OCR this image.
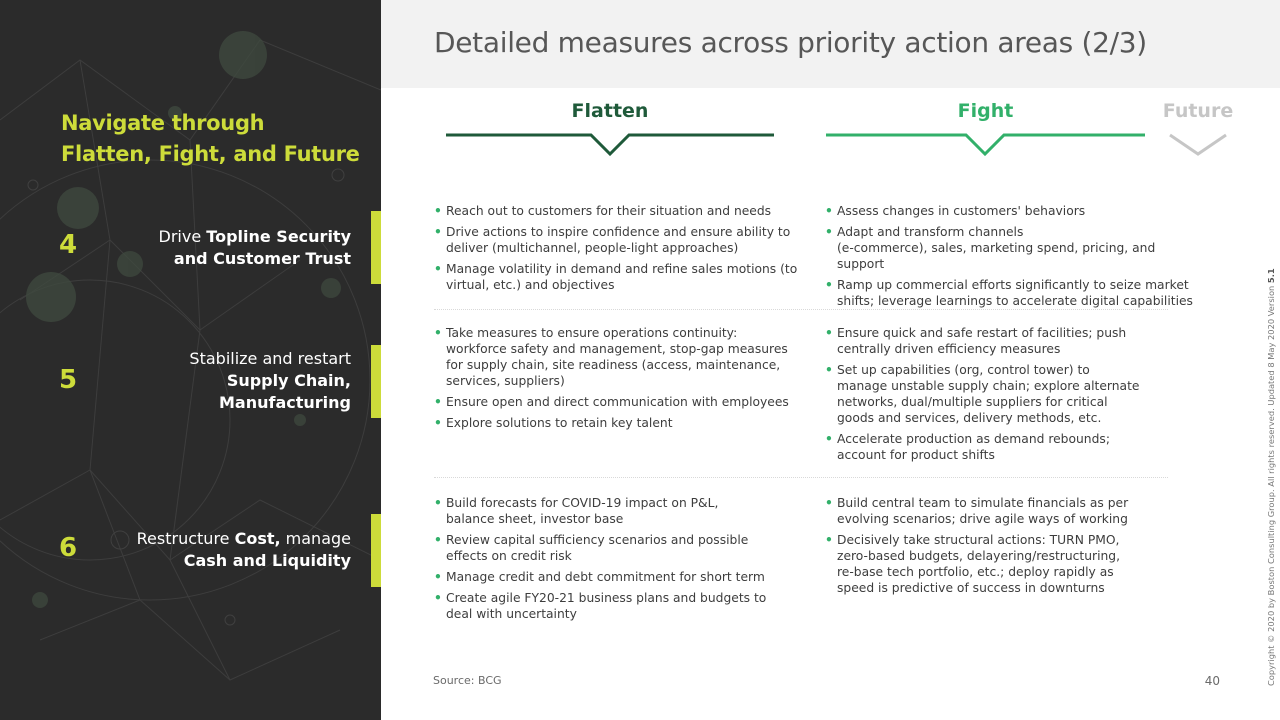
Navigate through
Flatten, Fight, and Future
4	Drive Topline Security
and Customer Trust
5
Stabilize and restart
Supply Chain,
Manufacturing
6	Restructure Cost, manage
Cash and Liquidity
Detailed measures across priority action areas (2/3)
Flatten	Fight	Future
• Reach out to customers for their situation and needs
• Drive actions to inspire confidence and ensure ability to
deliver (multichannel, people-light approaches)
• Manage volatility in demand and refine sales motions (to
virtual, etc.) and objectives
• Assess changes in customers' behaviors
• Adapt and transform channels
(e-commerce), sales, marketing spend, pricing, and support
• Ramp up commercial efforts significantly to seize market
shifts; leverage learnings to accelerate digital capabilities
• Take measures to ensure operations continuity:
workforce safety and management, stop-gap measures
for supply chain, site readiness (access, maintenance,
services, suppliers)
• Ensure open and direct communication with employees
• Explore solutions to retain key talent
• Ensure quick and safe restart of facilities; push
centrally driven efficiency measures
• Set up capabilities (org, control tower) to
manage unstable supply chain; explore alternate
networks, dual/multiple suppliers for critical
goods and services, delivery methods, etc.
• Accelerate production as demand rebounds;
account for product shifts
• Build forecasts for COVID-19 impact on P&L,
balance sheet, investor base
• Review capital sufficiency scenarios and possible
effects on credit risk
• Manage credit and debt commitment for short term
• Create agile FY20-21 business plans and budgets to
deal with uncertainty
• Build central team to simulate financials as per
evolving scenarios; drive agile ways of working
• Decisively take structural actions: TURN PMO,
zero-based budgets, delayering/restructuring,
re-base tech portfolio, etc.; deploy rapidly as
speed is predictive of success in downturns
Source: BCG	40	Copyright © 2020 by Boston Consulting Group. All rights reserved. Updated 8 May 2020 Version 5.1
